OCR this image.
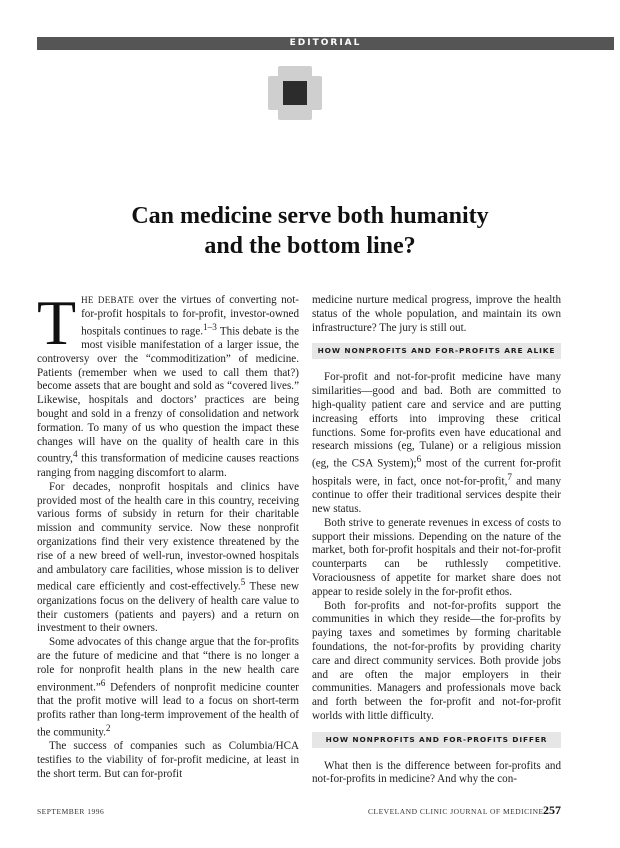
EDITORIAL
Can medicine serve both humanity
and the bottom line?

THE DEBATE over the virtues of converting not-for-profit hospitals to for-profit, investor-owned hospitals continues to rage.$^{1-3}$ This debate is the most visible manifestation of a larger issue, the controversy over the “commoditization” of medicine. Patients (remember when we used to call them that?) become assets that are bought and sold as “covered lives.” Likewise, hospitals and doctors’ practices are being bought and sold in a frenzy of consolidation and network formation. To many of us who question the impact these changes will have on the quality of health care in this country,$^4$ this transformation of medicine causes reactions ranging from nagging discomfort to alarm.

For decades, nonprofit hospitals and clinics have provided most of the health care in this country, receiving various forms of subsidy in return for their charitable mission and community service. Now these nonprofit organizations find their very existence threatened by the rise of a new breed of well-run, investor-owned hospitals and ambulatory care facilities, whose mission is to deliver medical care efficiently and cost-effectively.$^5$ These new organizations focus on the delivery of health care value to their customers (patients and payers) and a return on investment to their owners.

Some advocates of this change argue that the for-profits are the future of medicine and that “there is no longer a role for nonprofit health plans in the new health care environment.”$^6$ Defenders of nonprofit medicine counter that the profit motive will lead to a focus on short-term profits rather than long-term improvement of the health of the community.$^2$

The success of companies such as Columbia/HCA testifies to the viability of for-profit medicine, at least in the short term. But can for-profit

medicine nurture medical progress, improve the health status of the whole population, and maintain its own infrastructure? The jury is still out.

HOW NONPROFITS AND FOR-PROFITS ARE ALIKE

For-profit and not-for-profit medicine have many similarities—good and bad. Both are committed to high-quality patient care and service and are putting increasing efforts into improving these critical functions. Some for-profits even have educational and research missions (eg, Tulane) or a religious mission (eg, the CSA System);$^6$ most of the current for-profit hospitals were, in fact, once not-for-profit,$^7$ and many continue to offer their traditional services despite their new status.

Both strive to generate revenues in excess of costs to support their missions. Depending on the nature of the market, both for-profit hospitals and their not-for-profit counterparts can be ruthlessly competitive. Voraciousness of appetite for market share does not appear to reside solely in the for-profit ethos.

Both for-profits and not-for-profits support the communities in which they reside—the for-profits by paying taxes and sometimes by forming charitable foundations, the not-for-profits by providing charity care and direct community services. Both provide jobs and are often the major employers in their communities. Managers and professionals move back and forth between the for-profit and not-for-profit worlds with little difficulty.

HOW NONPROFITS AND FOR-PROFITS DIFFER

What then is the difference between for-profits and not-for-profits in medicine? And why the con-

SEPTEMBER 1996	CLEVELAND CLINIC JOURNAL OF MEDICINE 257
